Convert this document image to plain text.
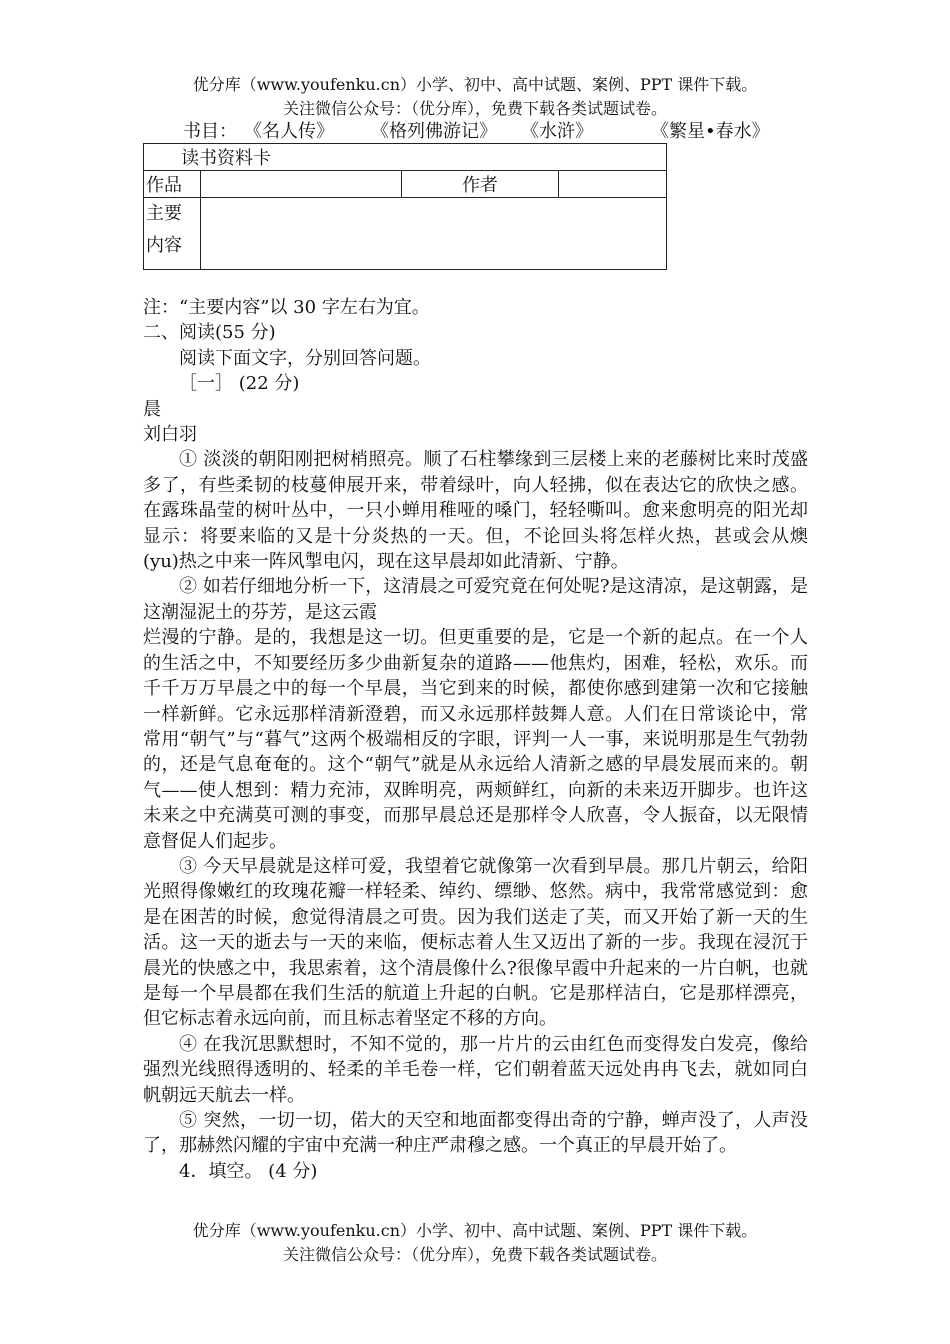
优分库（www.youfenku.cn）小学、初中、高中试题、案例、PPT 课件下载。
关注微信公众号：（优分库），免费下载各类试题试卷。
书目： 《名人传》 《格列佛游记》 《水浒》	《繁星•春水》
读书资料卡			
作品		作者	
主要
内容			

注：“主要内容”以 30 字左右为宜。

二、阅读(55 分)

阅读下面文字，分别回答问题。

［一］ (22 分)

晨

刘白羽

① 淡淡的朝阳刚把树梢照亮。顺了石柱攀缘到三层楼上来的老藤树比来时茂盛多了，有些柔韧的枝蔓伸展开来，带着绿叶，向人轻拂，似在表达它的欣快之感。在露珠晶莹的树叶丛中，一只小蝉用稚哑的嗓门，轻轻嘶叫。愈来愈明亮的阳光却显示：将要来临的又是十分炎热的一天。但，不论回头将怎样火热，甚或会从燠(yu)热之中来一阵风掣电闪，现在这早晨却如此清新、宁静。

② 如若仔细地分析一下，这清晨之可爱究竟在何处呢?是这清凉，是这朝露，是这潮湿泥土的芬芳，是这云霞

烂漫的宁静。是的，我想是这一切。但更重要的是，它是一个新的起点。在一个人的生活之中，不知要经历多少曲新复杂的道路——他焦灼，困难，轻松，欢乐。而千千万万早晨之中的每一个早晨，当它到来的时候，都使你感到建第一次和它接触一样新鲜。它永远那样清新澄碧，而又永远那样鼓舞人意。人们在日常谈论中，常常用“朝气”与“暮气”这两个极端相反的字眼，评判一人一事，来说明那是生气勃勃的，还是气息奄奄的。这个“朝气”就是从永远给人清新之感的早晨发展而来的。朝气——使人想到：精力充沛，双眸明亮，两颊鲜红，向新的未来迈开脚步。也许这未来之中充满莫可测的事变，而那早晨总还是那样令人欣喜，令人振奋，以无限情意督促人们起步。

③ 今天早晨就是这样可爱，我望着它就像第一次看到早晨。那几片朝云，给阳光照得像嫩红的玫瑰花瓣一样轻柔、绰约、缥缈、悠然。病中，我常常感觉到：愈是在困苦的时候，愈觉得清晨之可贵。因为我们送走了芙，而又开始了新一天的生活。这一天的逝去与一天的来临，便标志着人生又迈出了新的一步。我现在浸沉于晨光的快感之中，我思索着，这个清晨像什么?很像早霞中升起来的一片白帆，也就是每一个早晨都在我们生活的航道上升起的白帆。它是那样洁白，它是那样漂亮，但它标志着永远向前，而且标志着坚定不移的方向。

④ 在我沉思默想时，不知不觉的，那一片片的云由红色而变得发白发亮，像给强烈光线照得透明的、轻柔的羊毛卷一样，它们朝着蓝天远处冉冉飞去，就如同白帆朝远天航去一样。

⑤ 突然，一切一切，偌大的天空和地面都变得出奇的宁静，蝉声没了，人声没了，那赫然闪耀的宇宙中充满一种庄严肃穆之感。一个真正的早晨开始了。

4．填空。 (4 分)

优分库（www.youfenku.cn）小学、初中、高中试题、案例、PPT 课件下载。
关注微信公众号：（优分库），免费下载各类试题试卷。
